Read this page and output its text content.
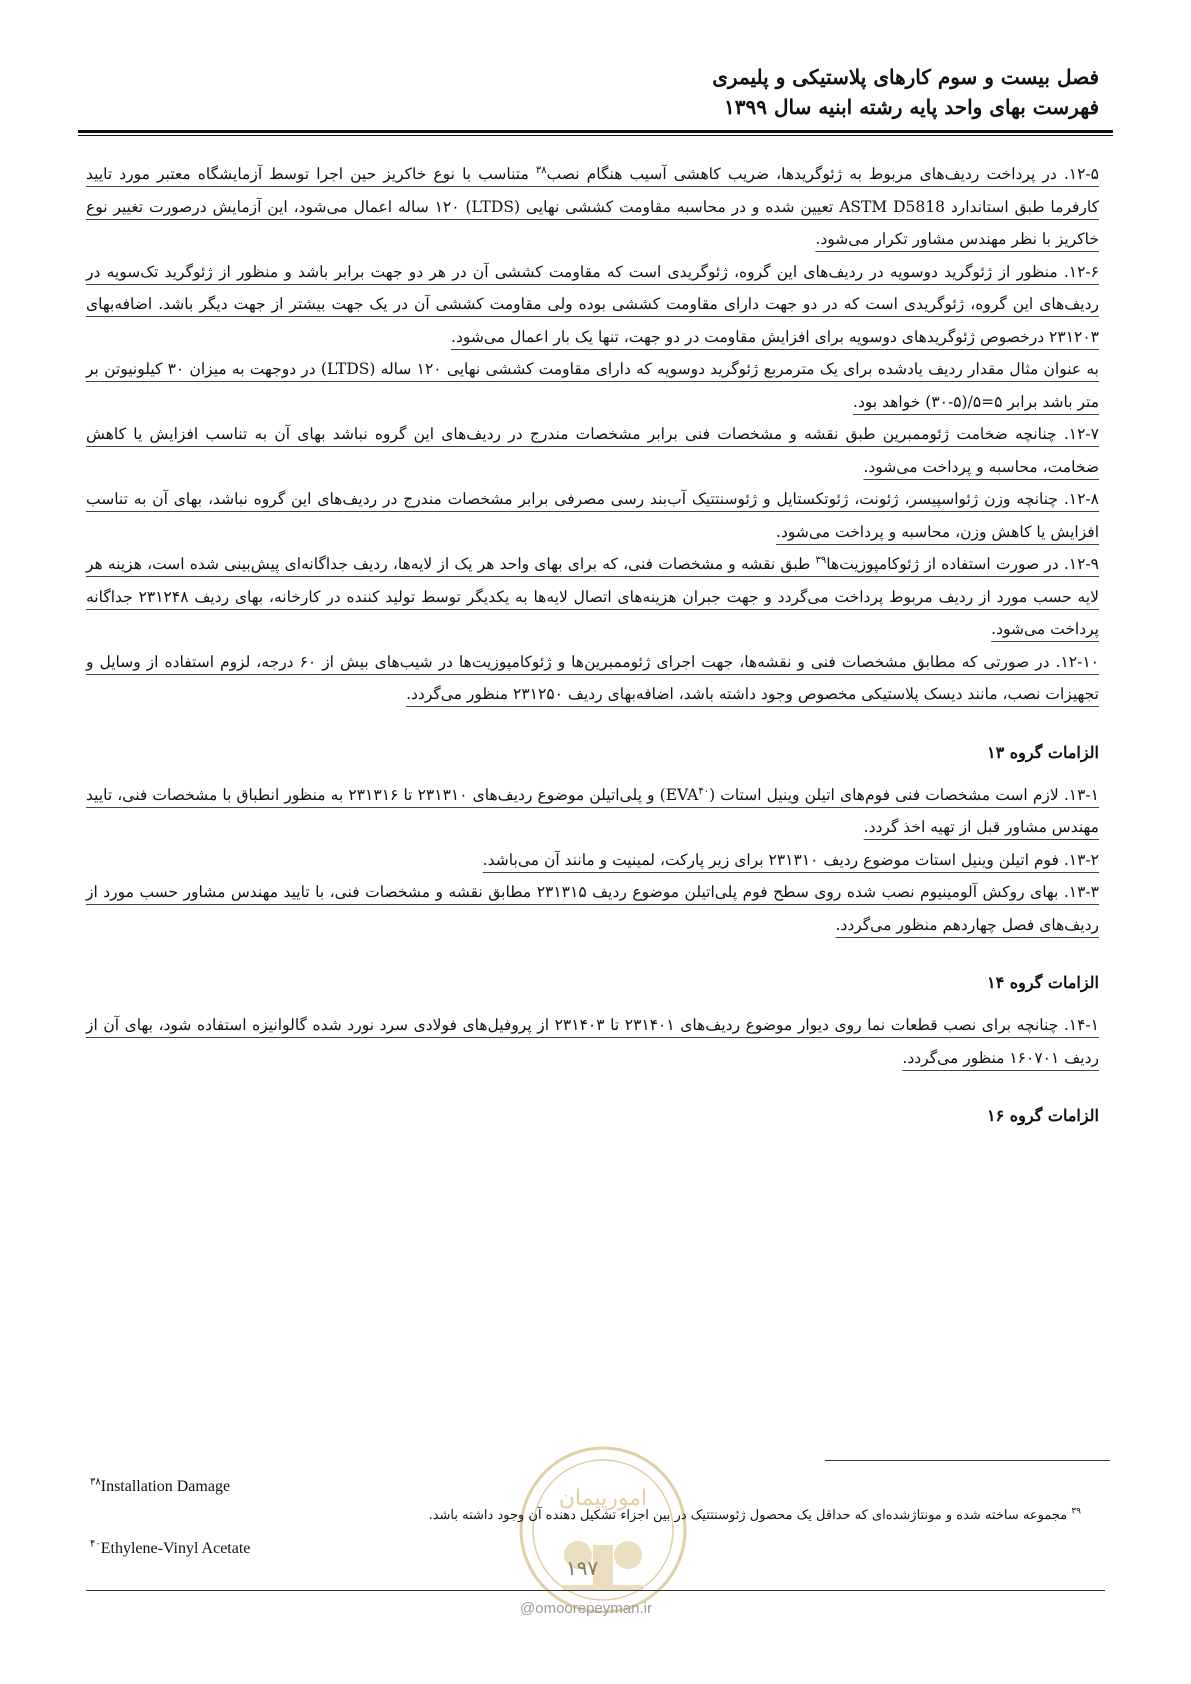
فصل بیست و سوم کارهای پلاستیکی و پلیمری
فهرست بهای واحد پایه رشته ابنیه سال ۱۳۹۹

۱۲-۵. در پرداخت ردیف‌های مربوط به ژئوگریدها، ضریب کاهشی آسیب هنگام نصب$^{۳۸}$ متناسب با نوع خاکریز حین اجرا توسط آزمایشگاه معتبر مورد تایید کارفرما طبق استاندارد ASTM D5818 تعیین شده و در محاسبه مقاومت کششی نهایی (LTDS) ۱۲۰ ساله اعمال می‌شود، این آزمایش درصورت تغییر نوع خاکریز با نظر مهندس مشاور تکرار می‌شود.

۱۲-۶. منظور از ژئوگرید دوسویه در ردیف‌های این گروه، ژئوگریدی است که مقاومت کششی آن در هر دو جهت برابر باشد و منظور از ژئوگرید تک‌سویه در ردیف‌های این گروه، ژئوگریدی است که در دو جهت دارای مقاومت کششی بوده ولی مقاومت کششی آن در یک جهت بیشتر از جهت دیگر باشد. اضافه‌بهای ۲۳۱۲۰۳ درخصوص ژئوگریدهای دوسویه برای افزایش مقاومت در دو جهت، تنها یک بار اعمال می‌شود.

به عنوان مثال مقدار ردیف یادشده برای یک مترمربع ژئوگرید دوسویه که دارای مقاومت کششی نهایی ۱۲۰ ساله (LTDS) در دوجهت به میزان ۳۰ کیلونیوتن بر متر باشد برابر ۵=۵/(۵-۳۰) خواهد بود.

۱۲-۷. چنانچه ضخامت ژئوممبرین طبق نقشه و مشخصات فنی برابر مشخصات مندرج در ردیف‌های این گروه نباشد بهای آن به تناسب افزایش یا کاهش ضخامت، محاسبه و پرداخت می‌شود.

۱۲-۸. چنانچه وزن ژئواسپیسر، ژئونت، ژئوتکستایل و ژئوسنتتیک آب‌بند رسی مصرفی برابر مشخصات مندرج در ردیف‌های این گروه نباشد، بهای آن به تناسب افزایش یا کاهش وزن، محاسبه و پرداخت می‌شود.

۱۲-۹. در صورت استفاده از ژئوکامپوزیت‌ها$^{۳۹}$ طبق نقشه و مشخصات فنی، که برای بهای واحد هر یک از لایه‌ها، ردیف جداگانه‌ای پیش‌بینی شده است، هزینه هر لایه حسب مورد از ردیف مربوط پرداخت می‌گردد و جهت جبران هزینه‌های اتصال لایه‌ها به یکدیگر توسط تولید کننده در کارخانه، بهای ردیف ۲۳۱۲۴۸ جداگانه پرداخت می‌شود.

۱۲-۱۰. در صورتی که مطابق مشخصات فنی و نقشه‌ها، جهت اجرای ژئوممبرین‌ها و ژئوکامپوزیت‌ها در شیب‌های بیش از ۶۰ درجه، لزوم استفاده از وسایل و تجهیزات نصب، مانند دیسک پلاستیکی مخصوص وجود داشته باشد، اضافه‌بهای ردیف ۲۳۱۲۵۰ منظور می‌گردد.

الزامات گروه ۱۳

۱۳-۱. لازم است مشخصات فنی فوم‌های اتیلن وینیل استات (EVA$^{۴۰}$) و پلی‌اتیلن موضوع ردیف‌های ۲۳۱۳۱۰ تا ۲۳۱۳۱۶ به منظور انطباق با مشخصات فنی، تایید مهندس مشاور قبل از تهیه اخذ گردد.

۱۳-۲. فوم اتیلن وینیل استات موضوع ردیف ۲۳۱۳۱۰ برای زیر پارکت، لمینیت و مانند آن می‌باشد.

۱۳-۳. بهای روکش آلومینیوم نصب شده روی سطح فوم پلی‌اتیلن موضوع ردیف ۲۳۱۳۱۵ مطابق نقشه و مشخصات فنی، با تایید مهندس مشاور حسب مورد از ردیف‌های فصل چهاردهم منظور می‌گردد.

الزامات گروه ۱۴

۱۴-۱. چنانچه برای نصب قطعات نما روی دیوار موضوع ردیف‌های ۲۳۱۴۰۱ تا ۲۳۱۴۰۳ از پروفیل‌های فولادی سرد نورد شده گالوانیزه استفاده شود، بهای آن از ردیف ۱۶۰۷۰۱ منظور می‌گردد.

الزامات گروه ۱۶
امورپیمان
$^{۳۸}$Installation Damage
$^{۳۹}$ مجموعه ساخته شده و مونتاژشده‌ای که حداقل یک محصول ژئوسنتتیک در بین اجزاء تشکیل دهنده آن وجود داشته باشد.
$^{۴۰}$Ethylene-Vinyl Acetate
۱۹۷
@omoorepeyman.ir
